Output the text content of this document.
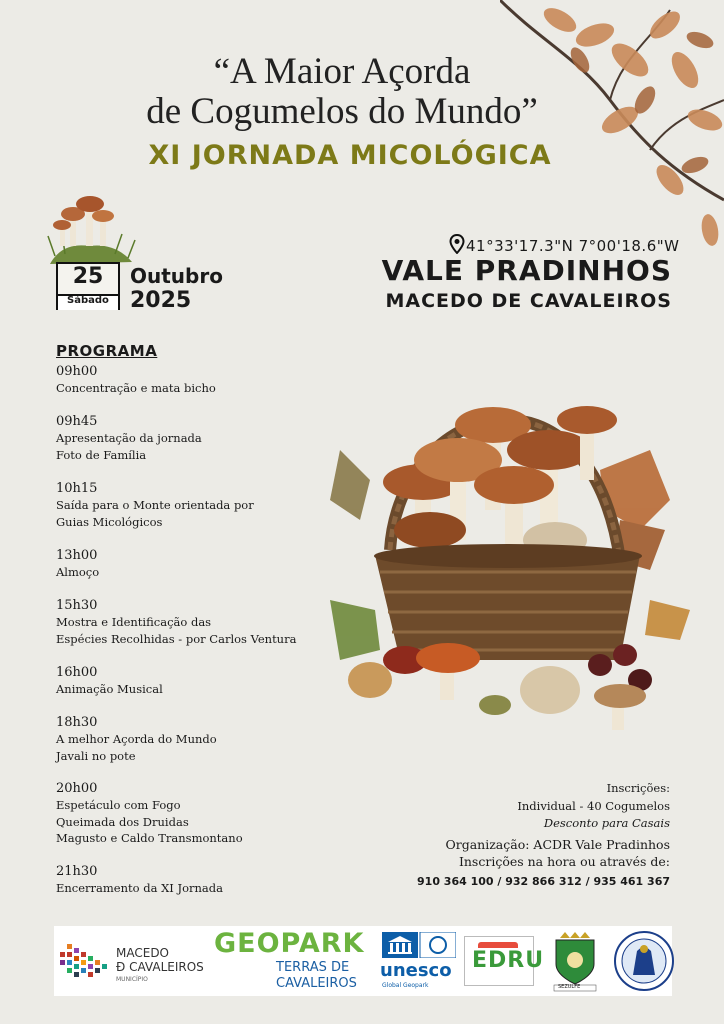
“A Maior Açorda
de Cogumelos do Mundo”
XI JORNADA MICOLÓGICA
25
Sábado
Outubro
2025
41°33'17.3"N 7°00'18.6"W
VALE PRADINHOS
MACEDO DE CAVALEIROS
PROGRAMA
09h00
Concentração e mata bicho
09h45
Apresentação da jornada
Foto de Família
10h15
Saída para o Monte orientada por
Guias Micológicos
13h00
Almoço
15h30
Mostra e Identificação das
Espécies Recolhidas - por Carlos Ventura
16h00
Animação Musical
18h30
A melhor Açorda do Mundo
Javali no pote
20h00
Espetáculo com Fogo
Queimada dos Druidas
Magusto e Caldo Transmontano
21h30
Encerramento da XI Jornada
Inscrições:
Individual - 40 Cogumelos
Desconto para Casais
Organização: ACDR Vale Pradinhos
Inscrições na hora ou através de:
910 364 100 / 932 866 312 / 935 461 367
MACEDO
Ð CAVALEIROS
MUNICÍPIO
GEOPARK
TERRAS DE
CAVALEIROS
unesco
Global Geopark
EDRU
SEZULFE
